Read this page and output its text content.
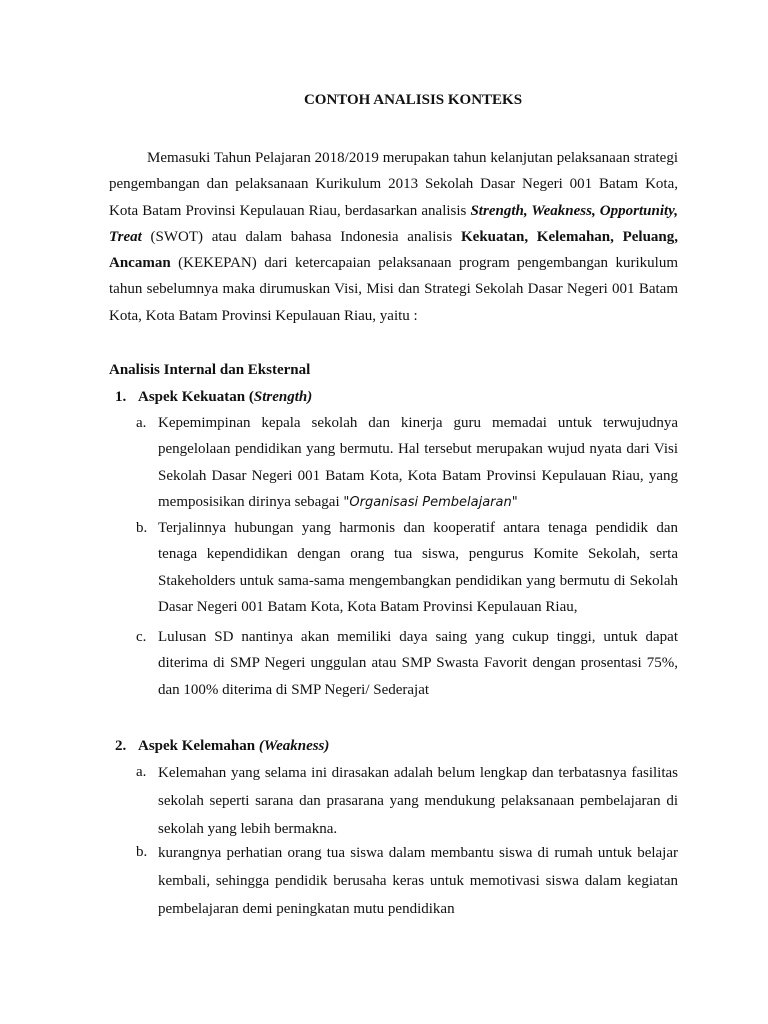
CONTOH ANALISIS KONTEKS

Memasuki Tahun Pelajaran 2018/2019 merupakan tahun kelanjutan pelaksanaan strategi pengembangan dan pelaksanaan Kurikulum 2013 Sekolah Dasar Negeri 001 Batam Kota, Kota Batam Provinsi Kepulauan Riau, berdasarkan analisis Strength, Weakness, Opportunity, Treat (SWOT) atau dalam bahasa Indonesia analisis Kekuatan, Kelemahan, Peluang, Ancaman (KEKEPAN) dari ketercapaian pelaksanaan program pengembangan kurikulum tahun sebelumnya maka dirumuskan Visi, Misi dan Strategi Sekolah Dasar Negeri 001 Batam Kota, Kota Batam Provinsi Kepulauan Riau, yaitu :

Analisis Internal dan Eksternal
1. Aspek Kekuatan (Strength)
a. Kepemimpinan kepala sekolah dan kinerja guru memadai untuk terwujudnya pengelolaan pendidikan yang bermutu. Hal tersebut merupakan wujud nyata dari Visi Sekolah Dasar Negeri 001 Batam Kota, Kota Batam Provinsi Kepulauan Riau, yang memposisikan dirinya sebagai "Organisasi Pembelajaran"

b. Terjalinnya hubungan yang harmonis dan kooperatif antara tenaga pendidik dan tenaga kependidikan dengan orang tua siswa, pengurus Komite Sekolah, serta Stakeholders untuk sama-sama mengembangkan pendidikan yang bermutu di Sekolah Dasar Negeri 001 Batam Kota, Kota Batam Provinsi Kepulauan Riau,

c. Lulusan SD nantinya akan memiliki daya saing yang cukup tinggi, untuk dapat diterima di SMP Negeri unggulan atau SMP Swasta Favorit dengan prosentasi 75%, dan 100% diterima di SMP Negeri/ Sederajat

2. Aspek Kelemahan (Weakness)
a. Kelemahan yang selama ini dirasakan adalah belum lengkap dan terbatasnya fasilitas sekolah seperti sarana dan prasarana yang mendukung pelaksanaan pembelajaran di sekolah yang lebih bermakna.

b. kurangnya perhatian orang tua siswa dalam membantu siswa di rumah untuk belajar kembali, sehingga pendidik berusaha keras untuk memotivasi siswa dalam kegiatan pembelajaran demi peningkatan mutu pendidikan
